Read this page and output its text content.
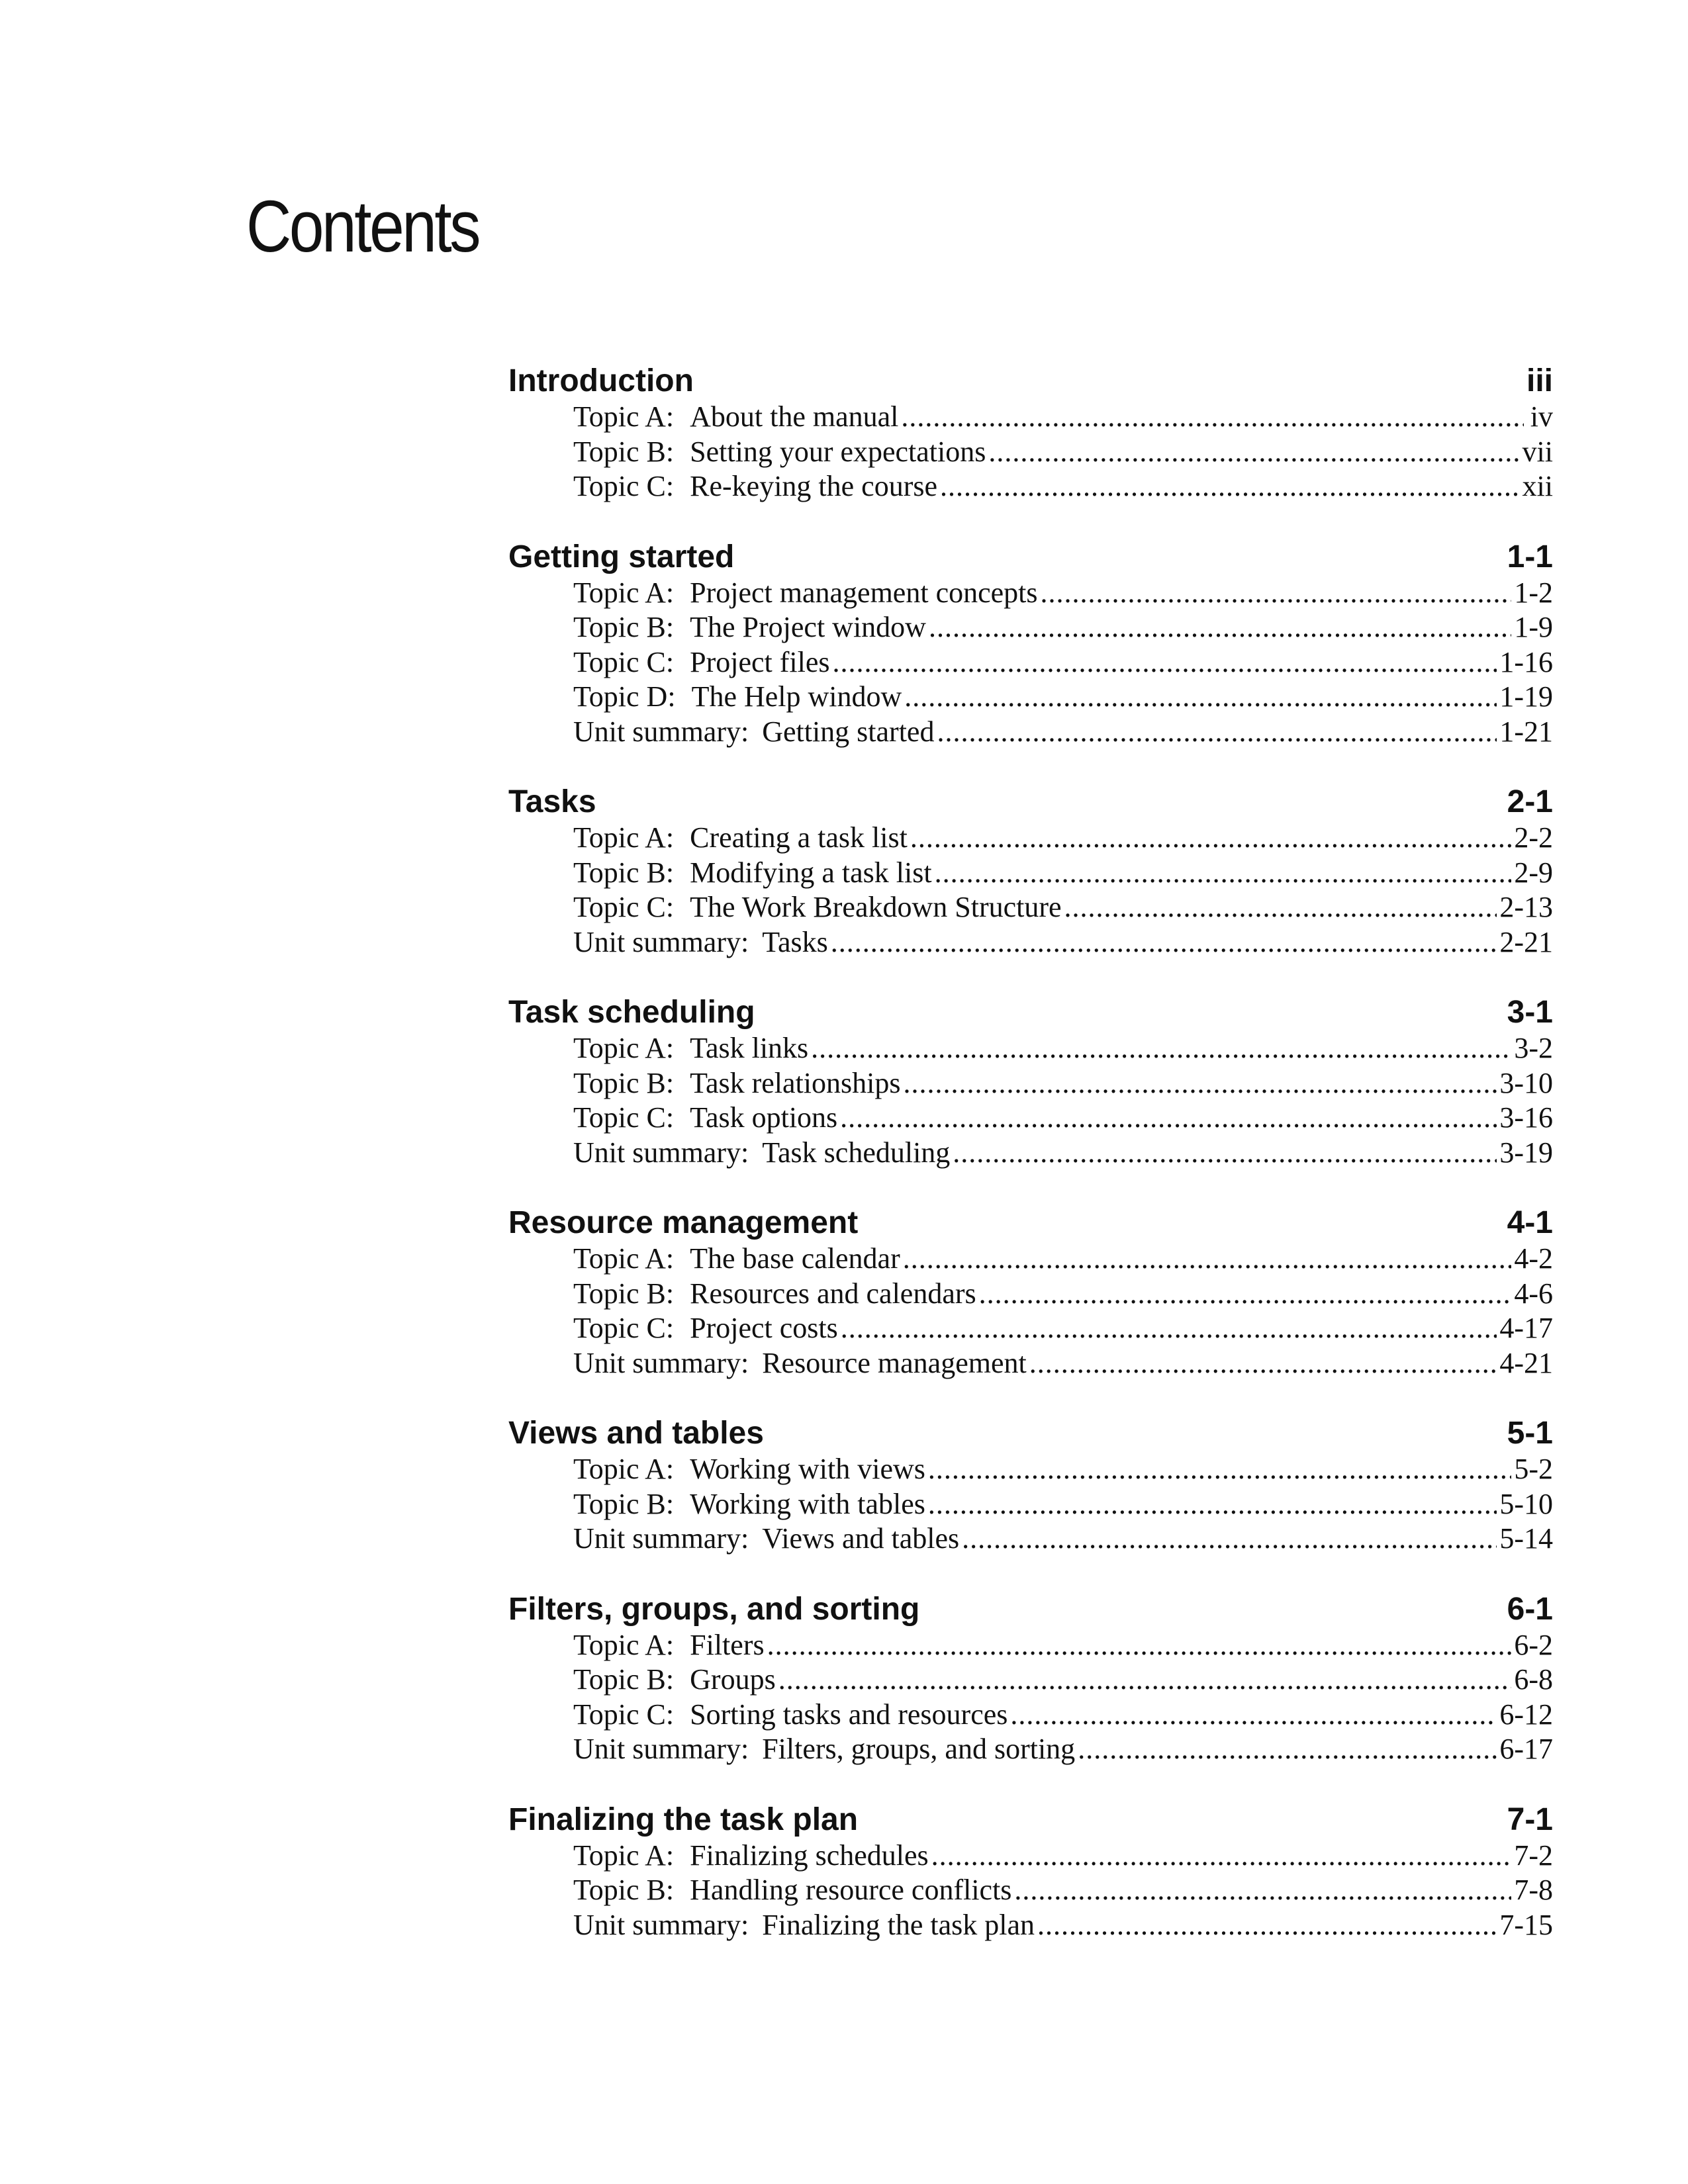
Contents
Introduction	iii
Topic A: About the manual .....	iv
Topic B: Setting your expectations .....	vii
Topic C: Re-keying the course .....	xii
Getting started	1-1
Topic A: Project management concepts .....	1-2
Topic B: The Project window .....	1-9
Topic C: Project files .....	1-16
Topic D: The Help window .....	1-19
Unit summary: Getting started .....	1-21
Tasks	2-1
Topic A: Creating a task list .....	2-2
Topic B: Modifying a task list .....	2-9
Topic C: The Work Breakdown Structure .....	2-13
Unit summary: Tasks .....	2-21
Task scheduling	3-1
Topic A: Task links .....	3-2
Topic B: Task relationships .....	3-10
Topic C: Task options .....	3-16
Unit summary: Task scheduling .....	3-19
Resource management	4-1
Topic A: The base calendar .....	4-2
Topic B: Resources and calendars .....	4-6
Topic C: Project costs .....	4-17
Unit summary: Resource management .....	4-21
Views and tables	5-1
Topic A: Working with views .....	5-2
Topic B: Working with tables .....	5-10
Unit summary: Views and tables .....	5-14
Filters, groups, and sorting	6-1
Topic A: Filters .....	6-2
Topic B: Groups .....	6-8
Topic C: Sorting tasks and resources .....	6-12
Unit summary: Filters, groups, and sorting .....	6-17
Finalizing the task plan	7-1
Topic A: Finalizing schedules .....	7-2
Topic B: Handling resource conflicts .....	7-8
Unit summary: Finalizing the task plan .....	7-15
